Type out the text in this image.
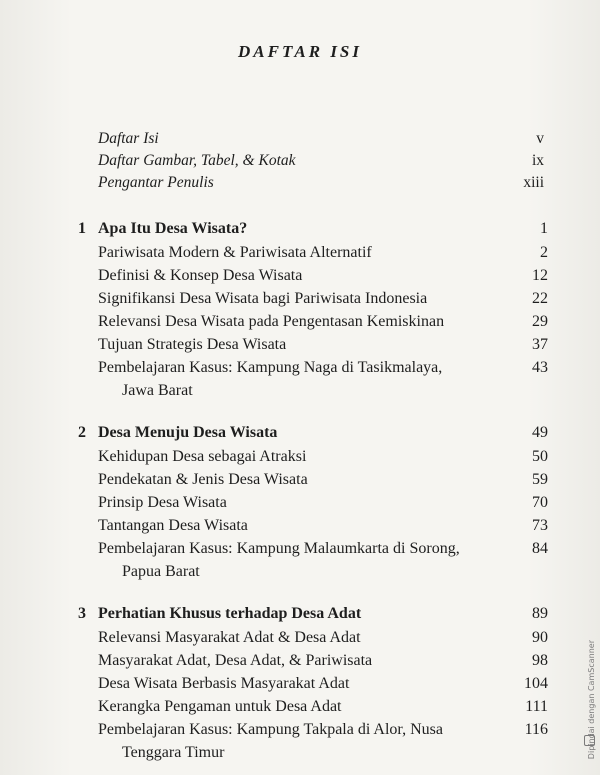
DAFTAR ISI
Daftar Isi	v
Daftar Gambar, Tabel, & Kotak	ix
Pengantar Penulis	xiii
1 Apa Itu Desa Wisata?	1
Pariwisata Modern & Pariwisata Alternatif	2
Definisi & Konsep Desa Wisata	12
Signifikansi Desa Wisata bagi Pariwisata Indonesia	22
Relevansi Desa Wisata pada Pengentasan Kemiskinan	29
Tujuan Strategis Desa Wisata	37
Pembelajaran Kasus: Kampung Naga di Tasikmalaya,	43
Jawa Barat
2 Desa Menuju Desa Wisata	49
Kehidupan Desa sebagai Atraksi	50
Pendekatan & Jenis Desa Wisata	59
Prinsip Desa Wisata	70
Tantangan Desa Wisata	73
Pembelajaran Kasus: Kampung Malaumkarta di Sorong,	84
Papua Barat
3 Perhatian Khusus terhadap Desa Adat	89
Relevansi Masyarakat Adat & Desa Adat	90
Masyarakat Adat, Desa Adat, & Pariwisata	98
Desa Wisata Berbasis Masyarakat Adat	104
Kerangka Pengaman untuk Desa Adat	111
Pembelajaran Kasus: Kampung Takpala di Alor, Nusa	116
Tenggara Timur	Dipindai dengan CamScanner
